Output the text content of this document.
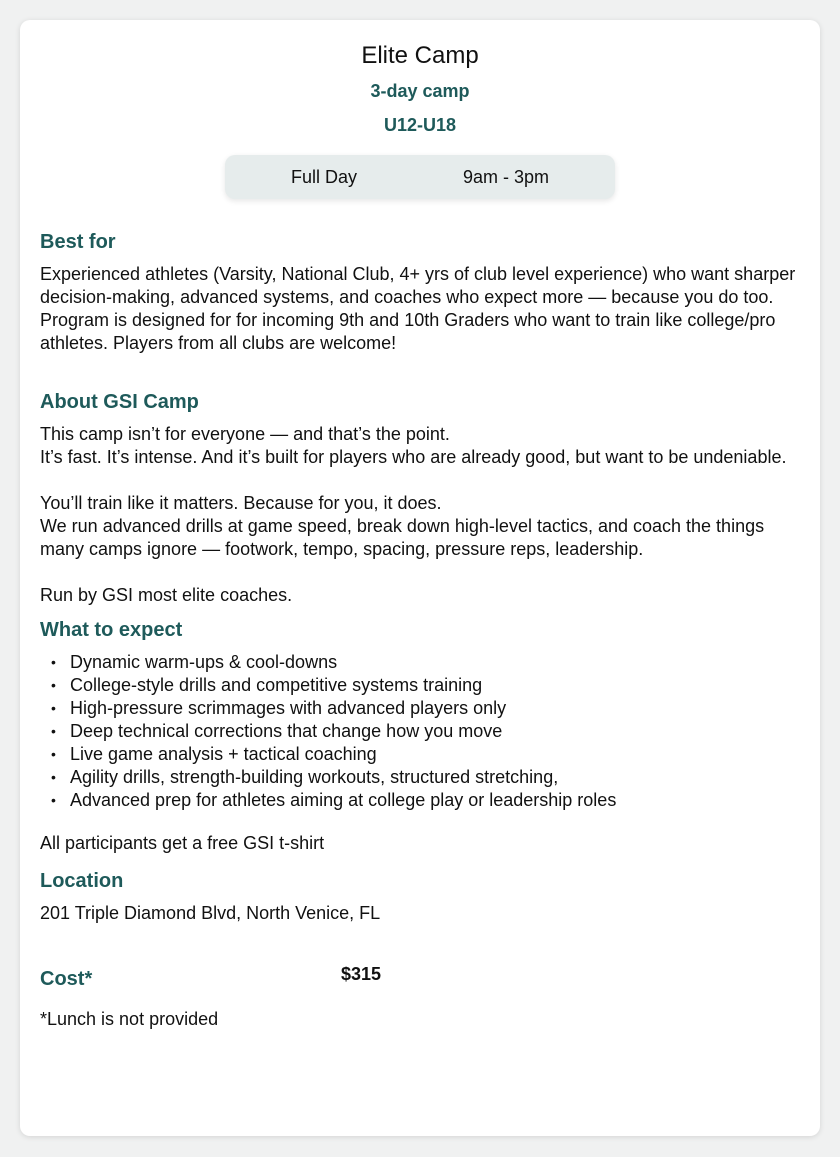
Elite Camp
3-day camp
U12-U18
Full Day	9am - 3pm
Best for

Experienced athletes (Varsity, National Club, 4+ yrs of club level experience) who want sharper decision-making, advanced systems, and coaches who expect more — because you do too.

Program is designed for for incoming 9th and 10th Graders who want to train like college/pro athletes. Players from all clubs are welcome!

About GSI Camp

This camp isn’t for everyone — and that’s the point.

It’s fast. It’s intense. And it’s built for players who are already good, but want to be undeniable.

You’ll train like it matters. Because for you, it does.

We run advanced drills at game speed, break down high-level tactics, and coach the things many camps ignore — footwork, tempo, spacing, pressure reps, leadership.

Run by GSI most elite coaches.

What to expect
• Dynamic warm-ups & cool-downs
• College-style drills and competitive systems training
• High-pressure scrimmages with advanced players only
• Deep technical corrections that change how you move
• Live game analysis + tactical coaching
• Agility drills, strength-building workouts, structured stretching,
• Advanced prep for athletes aiming at college play or leadership roles

All participants get a free GSI t-shirt

Location

201 Triple Diamond Blvd, North Venice, FL

Cost*	$315

*Lunch is not provided
